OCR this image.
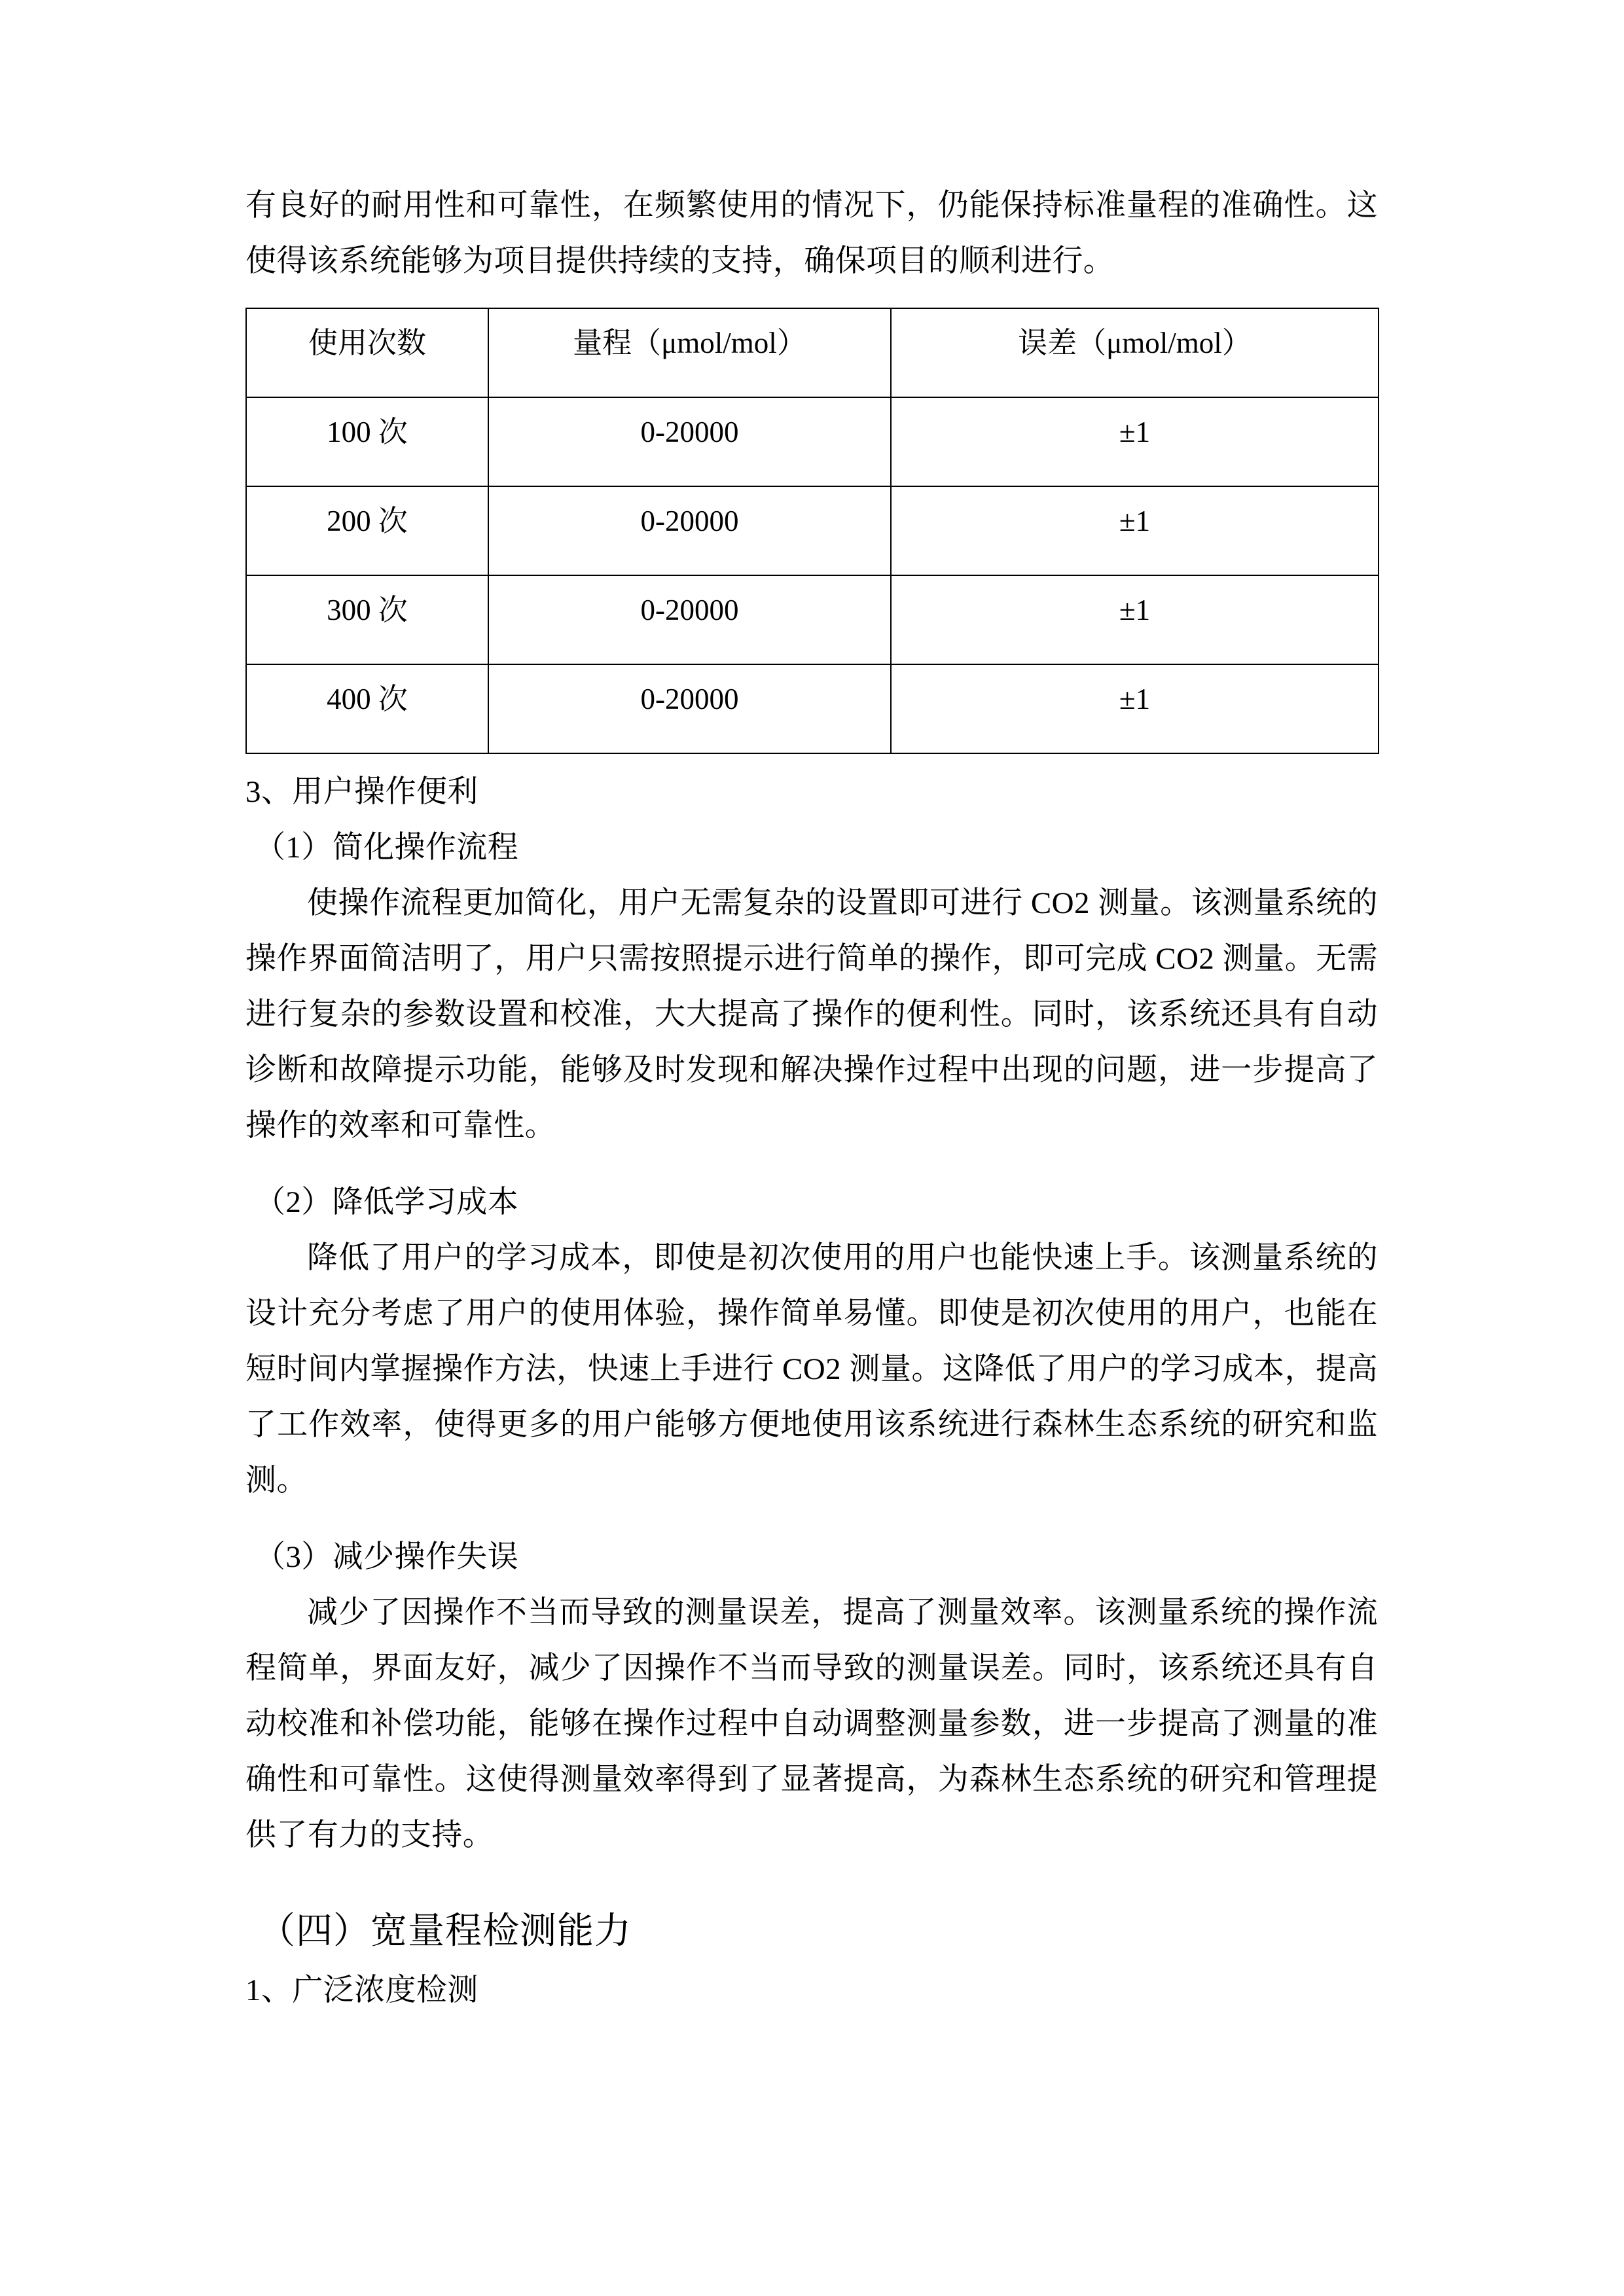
有良好的耐用性和可靠性，在频繁使用的情况下，仍能保持标准量程的准确性。这使得该系统能够为项目提供持续的支持，确保项目的顺利进行。

使用次数	量程（μmol/mol）	误差（μmol/mol）
100 次	0-20000	±1
200 次	0-20000	±1
300 次	0-20000	±1
400 次	0-20000	±1

3、用户操作便利

（1）简化操作流程

使操作流程更加简化，用户无需复杂的设置即可进行 CO2 测量。该测量系统的操作界面简洁明了，用户只需按照提示进行简单的操作，即可完成 CO2 测量。无需进行复杂的参数设置和校准，大大提高了操作的便利性。同时，该系统还具有自动诊断和故障提示功能，能够及时发现和解决操作过程中出现的问题，进一步提高了操作的效率和可靠性。

（2）降低学习成本

降低了用户的学习成本，即使是初次使用的用户也能快速上手。该测量系统的设计充分考虑了用户的使用体验，操作简单易懂。即使是初次使用的用户，也能在短时间内掌握操作方法，快速上手进行 CO2 测量。这降低了用户的学习成本，提高了工作效率，使得更多的用户能够方便地使用该系统进行森林生态系统的研究和监测。

（3）减少操作失误

减少了因操作不当而导致的测量误差，提高了测量效率。该测量系统的操作流程简单，界面友好，减少了因操作不当而导致的测量误差。同时，该系统还具有自动校准和补偿功能，能够在操作过程中自动调整测量参数，进一步提高了测量的准确性和可靠性。这使得测量效率得到了显著提高，为森林生态系统的研究和管理提供了有力的支持。

（四）宽量程检测能力

1、广泛浓度检测
